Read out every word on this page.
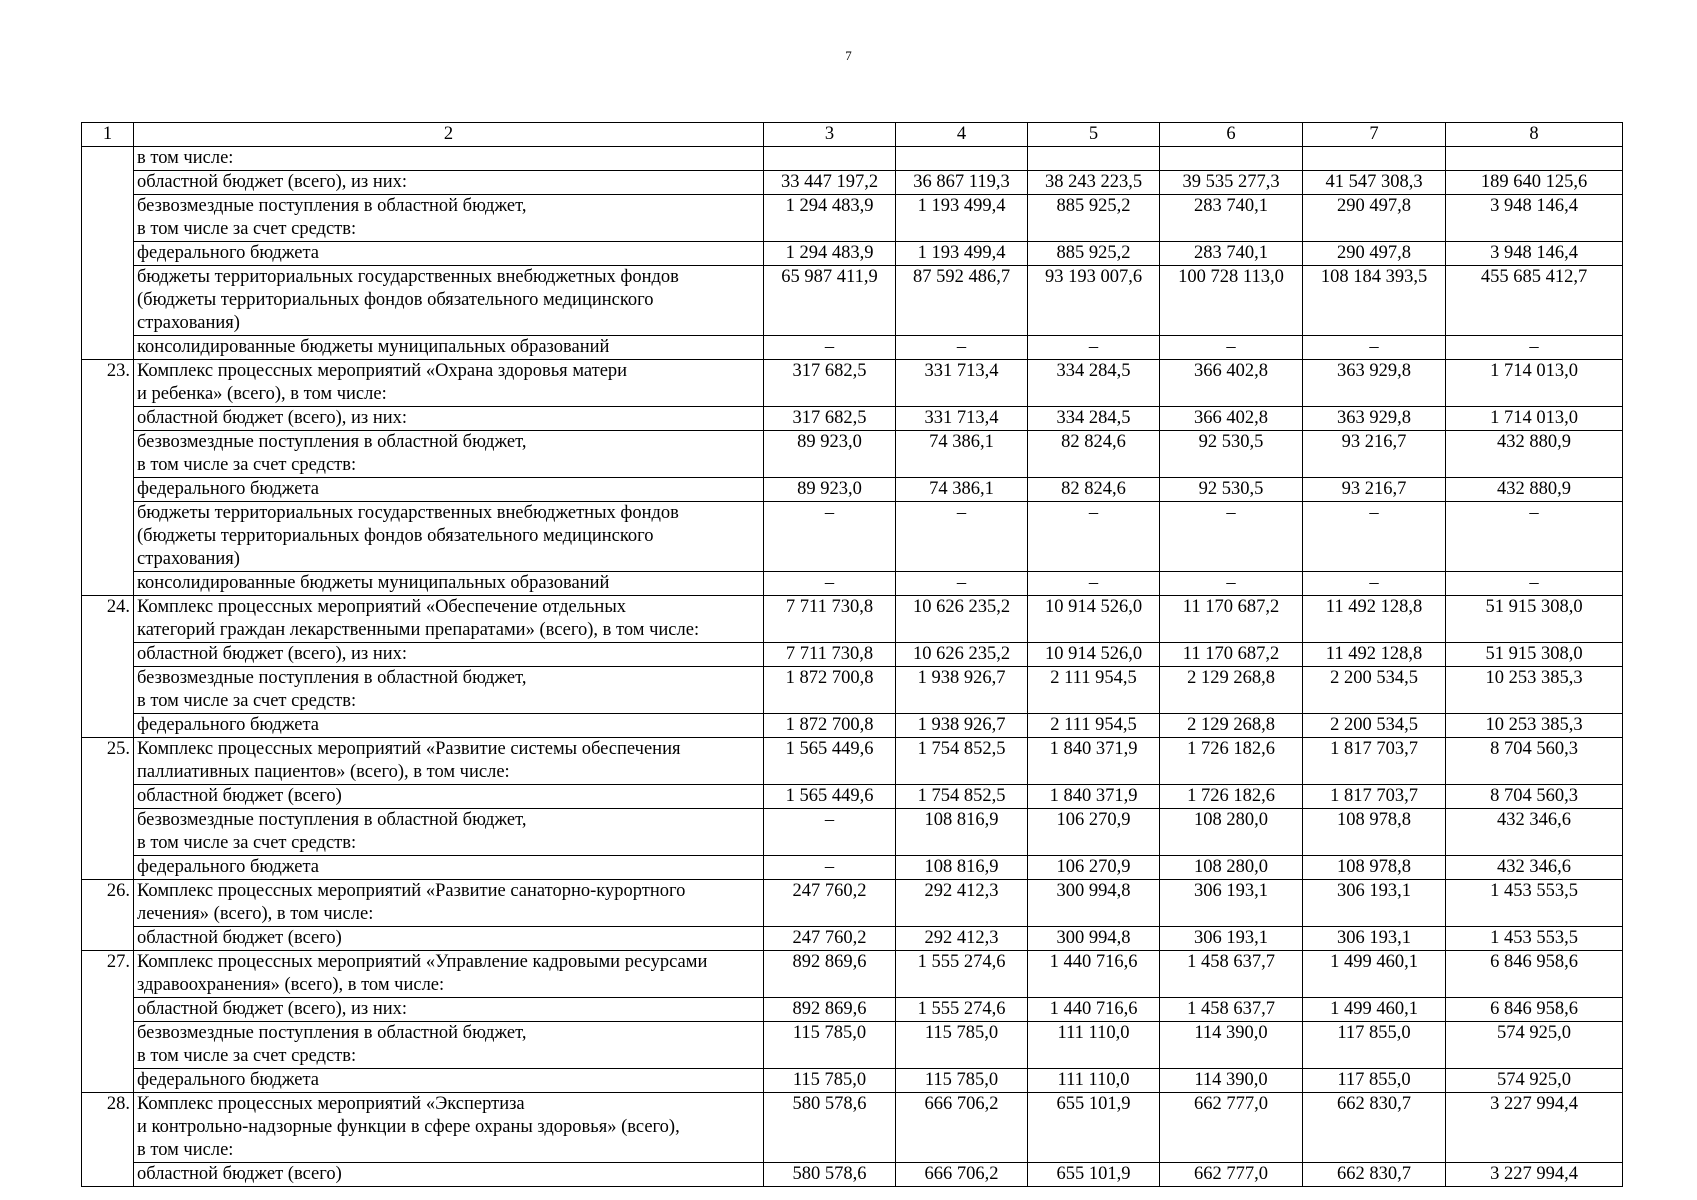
7
1	2	3	4	5	6	7	8

	в том числе:						

	областной бюджет (всего), из них:	33 447 197,2	36 867 119,3	38 243 223,5	39 535 277,3	41 547 308,3	189 640 125,6

	безвозмездные поступления в областной бюджет,
в том числе за счет средств:	1 294 483,9	1 193 499,4	885 925,2	283 740,1	290 497,8	3 948 146,4

	федерального бюджета	1 294 483,9	1 193 499,4	885 925,2	283 740,1	290 497,8	3 948 146,4

	бюджеты территориальных государственных внебюджетных фондов
(бюджеты территориальных фондов обязательного медицинского
страхования)	65 987 411,9	87 592 486,7	93 193 007,6	100 728 113,0	108 184 393,5	455 685 412,7

	консолидированные бюджеты муниципальных образований	–	–	–	–	–	–
23.	Комплекс процессных мероприятий «Охрана здоровья матери
и ребенка» (всего), в том числе:	317 682,5	331 713,4	334 284,5	366 402,8	363 929,8	1 714 013,0

	областной бюджет (всего), из них:	317 682,5	331 713,4	334 284,5	366 402,8	363 929,8	1 714 013,0

	безвозмездные поступления в областной бюджет,
в том числе за счет средств:	89 923,0	74 386,1	82 824,6	92 530,5	93 216,7	432 880,9

	федерального бюджета	89 923,0	74 386,1	82 824,6	92 530,5	93 216,7	432 880,9

	бюджеты территориальных государственных внебюджетных фондов
(бюджеты территориальных фондов обязательного медицинского
страхования)	–	–	–	–	–	–

	консолидированные бюджеты муниципальных образований	–	–	–	–	–	–
24.	Комплекс процессных мероприятий «Обеспечение отдельных
категорий граждан лекарственными препаратами» (всего), в том числе:	7 711 730,8	10 626 235,2	10 914 526,0	11 170 687,2	11 492 128,8	51 915 308,0

	областной бюджет (всего), из них:	7 711 730,8	10 626 235,2	10 914 526,0	11 170 687,2	11 492 128,8	51 915 308,0

	безвозмездные поступления в областной бюджет,
в том числе за счет средств:	1 872 700,8	1 938 926,7	2 111 954,5	2 129 268,8	2 200 534,5	10 253 385,3

	федерального бюджета	1 872 700,8	1 938 926,7	2 111 954,5	2 129 268,8	2 200 534,5	10 253 385,3
25.	Комплекс процессных мероприятий «Развитие системы обеспечения
паллиативных пациентов» (всего), в том числе:	1 565 449,6	1 754 852,5	1 840 371,9	1 726 182,6	1 817 703,7	8 704 560,3

	областной бюджет (всего)	1 565 449,6	1 754 852,5	1 840 371,9	1 726 182,6	1 817 703,7	8 704 560,3

	безвозмездные поступления в областной бюджет,
в том числе за счет средств:	–	108 816,9	106 270,9	108 280,0	108 978,8	432 346,6

	федерального бюджета	–	108 816,9	106 270,9	108 280,0	108 978,8	432 346,6
26.	Комплекс процессных мероприятий «Развитие санаторно-курортного
лечения» (всего), в том числе:	247 760,2	292 412,3	300 994,8	306 193,1	306 193,1	1 453 553,5

	областной бюджет (всего)	247 760,2	292 412,3	300 994,8	306 193,1	306 193,1	1 453 553,5
27.	Комплекс процессных мероприятий «Управление кадровыми ресурсами
здравоохранения» (всего), в том числе:	892 869,6	1 555 274,6	1 440 716,6	1 458 637,7	1 499 460,1	6 846 958,6

	областной бюджет (всего), из них:	892 869,6	1 555 274,6	1 440 716,6	1 458 637,7	1 499 460,1	6 846 958,6

	безвозмездные поступления в областной бюджет,
в том числе за счет средств:	115 785,0	115 785,0	111 110,0	114 390,0	117 855,0	574 925,0

	федерального бюджета	115 785,0	115 785,0	111 110,0	114 390,0	117 855,0	574 925,0
28.	Комплекс процессных мероприятий «Экспертиза
и контрольно-надзорные функции в сфере охраны здоровья» (всего),
в том числе:	580 578,6	666 706,2	655 101,9	662 777,0	662 830,7	3 227 994,4

	областной бюджет (всего)	580 578,6	666 706,2	655 101,9	662 777,0	662 830,7	3 227 994,4
